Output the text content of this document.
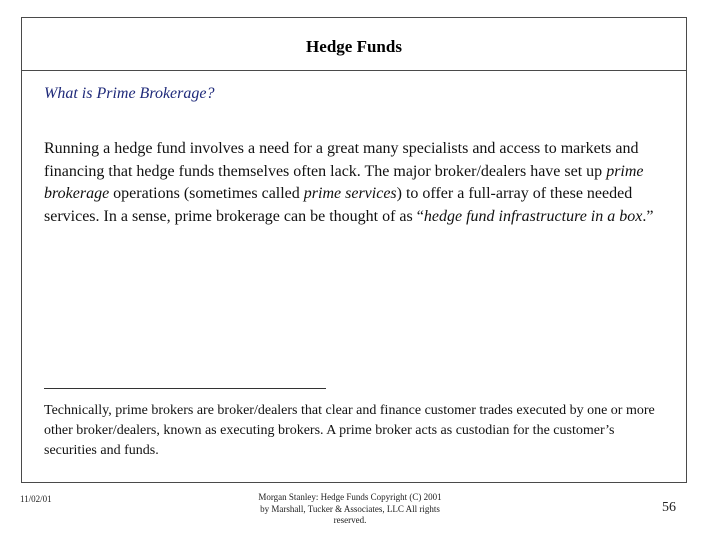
Hedge Funds
What is Prime Brokerage?

Running a hedge fund involves a need for a great many specialists and access to markets and financing that hedge funds themselves often lack. The major broker/dealers have set up prime brokerage operations (sometimes called prime services) to offer a full-array of these needed services. In a sense, prime brokerage can be thought of as “hedge fund infrastructure in a box.”

Technically, prime brokers are broker/dealers that clear and finance customer trades executed by one or more other broker/dealers, known as executing brokers. A prime broker acts as custodian for the customer’s securities and funds.

11/02/01	Morgan Stanley: Hedge Funds Copyright (C) 2001
by Marshall, Tucker & Associates, LLC All rights
reserved.
56
